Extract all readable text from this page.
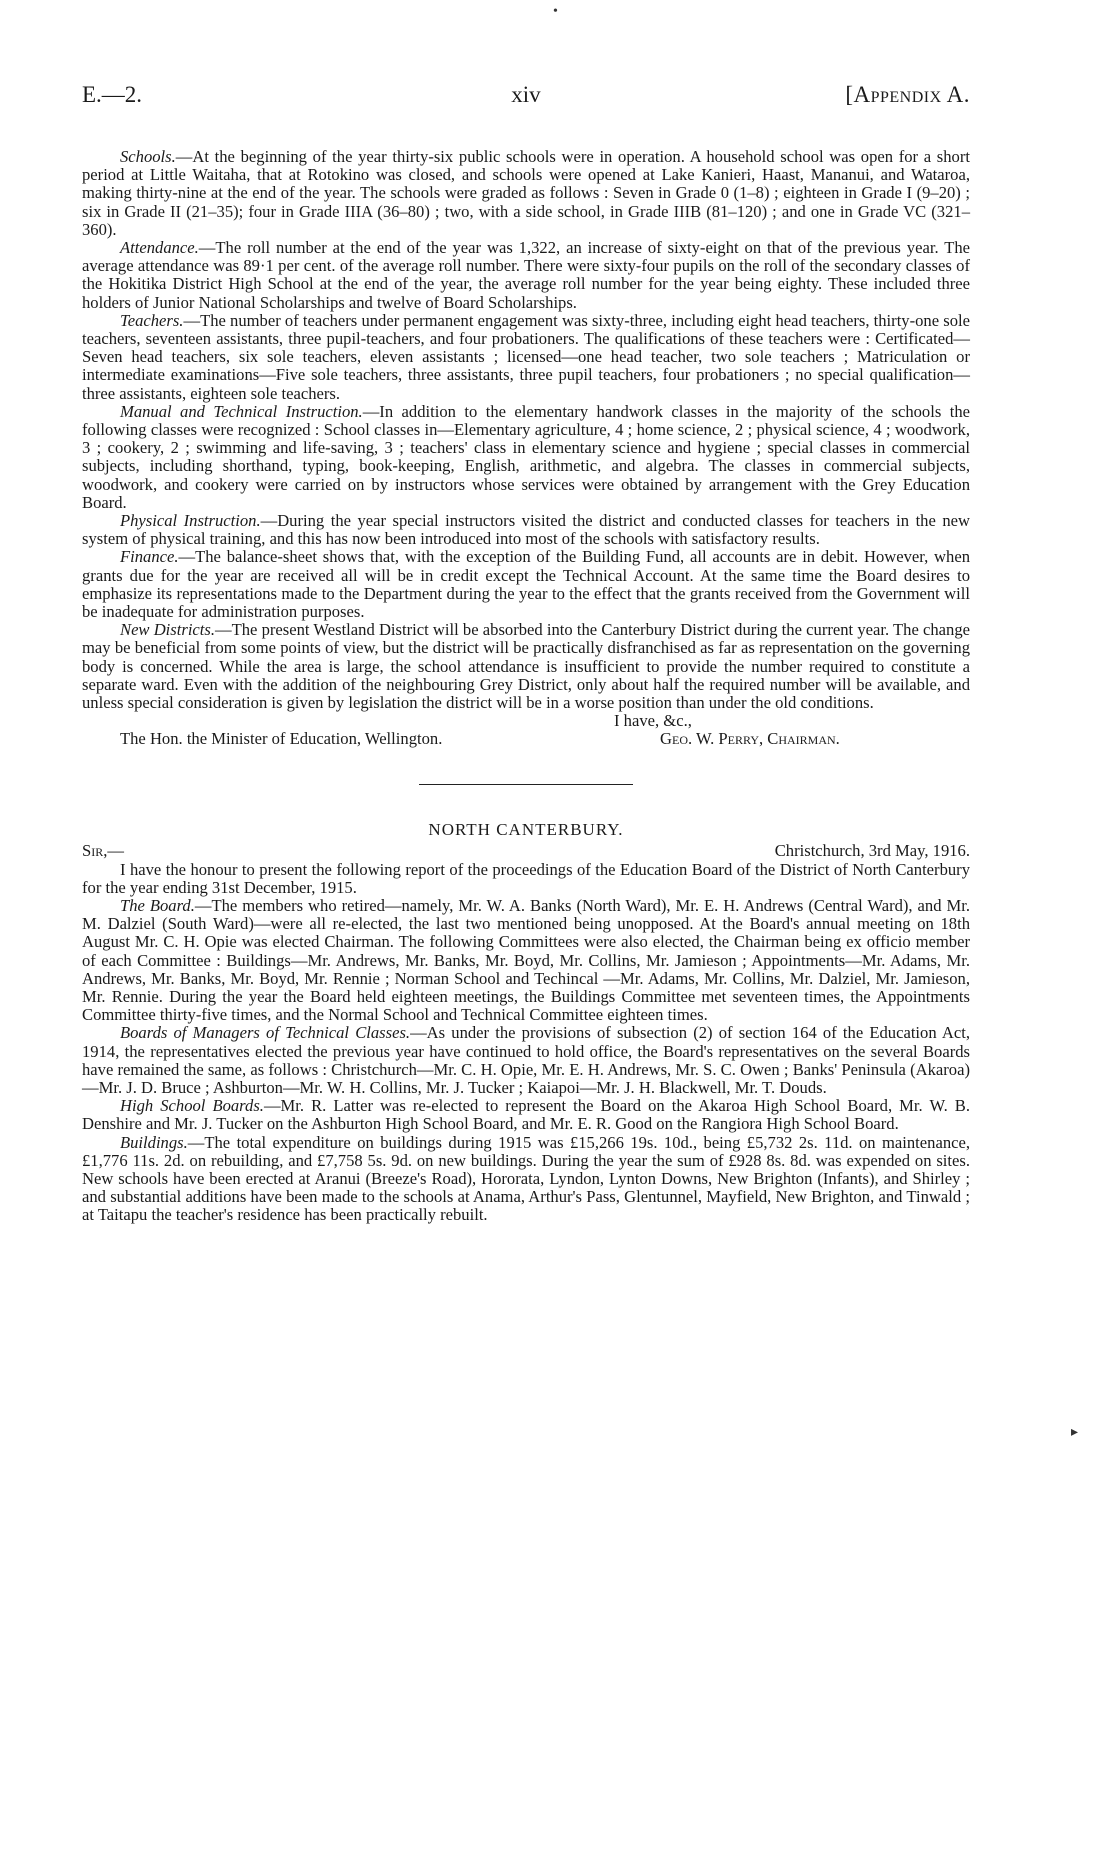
E.—2.	xiv	[Appendix A.

Schools.—At the beginning of the year thirty-six public schools were in operation. A household school was open for a short period at Little Waitaha, that at Rotokino was closed, and schools were opened at Lake Kanieri, Haast, Mananui, and Wataroa, making thirty-nine at the end of the year. The schools were graded as follows : Seven in Grade 0 (1–8) ; eighteen in Grade I (9–20) ; six in Grade II (21–35); four in Grade IIIA (36–80) ; two, with a side school, in Grade IIIB (81–120) ; and one in Grade VC (321–360).

Attendance.—The roll number at the end of the year was 1,322, an increase of sixty-eight on that of the previous year. The average attendance was 89·1 per cent. of the average roll number. There were sixty-four pupils on the roll of the secondary classes of the Hokitika District High School at the end of the year, the average roll number for the year being eighty. These included three holders of Junior National Scholarships and twelve of Board Scholarships.

Teachers.—The number of teachers under permanent engagement was sixty-three, including eight head teachers, thirty-one sole teachers, seventeen assistants, three pupil-teachers, and four probationers. The qualifications of these teachers were : Certificated—Seven head teachers, six sole teachers, eleven assistants ; licensed—one head teacher, two sole teachers ; Matriculation or intermediate examinations—Five sole teachers, three assistants, three pupil teachers, four probationers ; no special qualification—three assistants, eighteen sole teachers.

Manual and Technical Instruction.—In addition to the elementary handwork classes in the majority of the schools the following classes were recognized : School classes in—Elementary agriculture, 4 ; home science, 2 ; physical science, 4 ; woodwork, 3 ; cookery, 2 ; swimming and life-saving, 3 ; teachers' class in elementary science and hygiene ; special classes in commercial subjects, including shorthand, typing, book-keeping, English, arithmetic, and algebra. The classes in commercial subjects, woodwork, and cookery were carried on by instructors whose services were obtained by arrangement with the Grey Education Board.

Physical Instruction.—During the year special instructors visited the district and conducted classes for teachers in the new system of physical training, and this has now been introduced into most of the schools with satisfactory results.

Finance.—The balance-sheet shows that, with the exception of the Building Fund, all accounts are in debit. However, when grants due for the year are received all will be in credit except the Technical Account. At the same time the Board desires to emphasize its representations made to the Department during the year to the effect that the grants received from the Government will be inadequate for administration purposes.

New Districts.—The present Westland District will be absorbed into the Canterbury District during the current year. The change may be beneficial from some points of view, but the district will be practically disfranchised as far as representation on the governing body is concerned. While the area is large, the school attendance is insufficient to provide the number required to constitute a separate ward. Even with the addition of the neighbouring Grey District, only about half the required number will be available, and unless special consideration is given by legislation the district will be in a worse position than under the old conditions.

I have, &c.,
The Hon. the Minister of Education, Wellington.	Geo. W. Perry, Chairman.
NORTH CANTERBURY.
Sir,—	Christchurch, 3rd May, 1916.

I have the honour to present the following report of the proceedings of the Education Board of the District of North Canterbury for the year ending 31st December, 1915.

The Board.—The members who retired—namely, Mr. W. A. Banks (North Ward), Mr. E. H. Andrews (Central Ward), and Mr. M. Dalziel (South Ward)—were all re-elected, the last two mentioned being unopposed. At the Board's annual meeting on 18th August Mr. C. H. Opie was elected Chairman. The following Committees were also elected, the Chairman being ex officio member of each Committee : Buildings—Mr. Andrews, Mr. Banks, Mr. Boyd, Mr. Collins, Mr. Jamieson ; Appointments—Mr. Adams, Mr. Andrews, Mr. Banks, Mr. Boyd, Mr. Rennie ; Norman School and Techincal —Mr. Adams, Mr. Collins, Mr. Dalziel, Mr. Jamieson, Mr. Rennie. During the year the Board held eighteen meetings, the Buildings Committee met seventeen times, the Appointments Committee thirty-five times, and the Normal School and Technical Committee eighteen times.

Boards of Managers of Technical Classes.—As under the provisions of subsection (2) of section 164 of the Education Act, 1914, the representatives elected the previous year have continued to hold office, the Board's representatives on the several Boards have remained the same, as follows : Christchurch—Mr. C. H. Opie, Mr. E. H. Andrews, Mr. S. C. Owen ; Banks' Peninsula (Akaroa)—Mr. J. D. Bruce ; Ashburton—Mr. W. H. Collins, Mr. J. Tucker ; Kaiapoi—Mr. J. H. Blackwell, Mr. T. Douds.

High School Boards.—Mr. R. Latter was re-elected to represent the Board on the Akaroa High School Board, Mr. W. B. Denshire and Mr. J. Tucker on the Ashburton High School Board, and Mr. E. R. Good on the Rangiora High School Board.

Buildings.—The total expenditure on buildings during 1915 was £15,266 19s. 10d., being £5,732 2s. 11d. on maintenance, £1,776 11s. 2d. on rebuilding, and £7,758 5s. 9d. on new buildings. During the year the sum of £928 8s. 8d. was expended on sites. New schools have been erected at Aranui (Breeze's Road), Hororata, Lyndon, Lynton Downs, New Brighton (Infants), and Shirley ; and substantial additions have been made to the schools at Anama, Arthur's Pass, Glentunnel, Mayfield, New Brighton, and Tinwald ; at Taitapu the teacher's residence has been practically rebuilt.

•
▸
